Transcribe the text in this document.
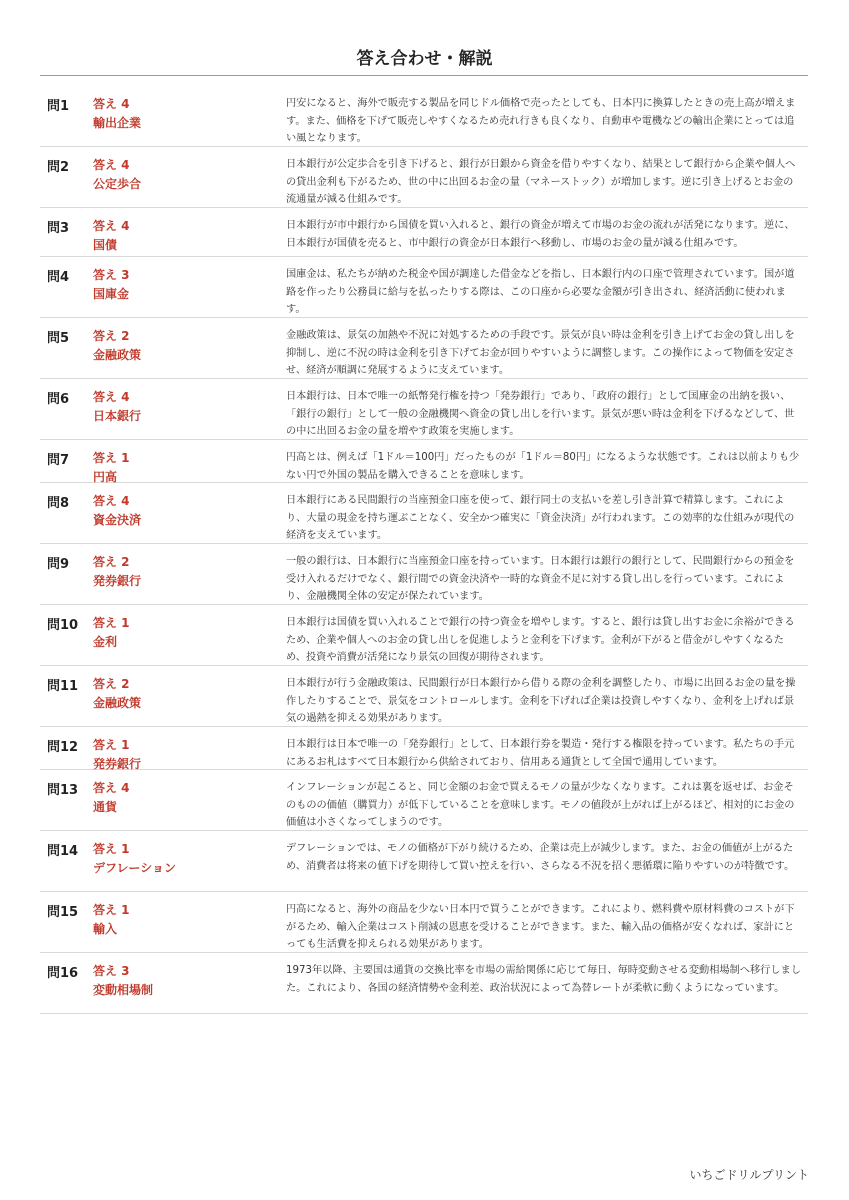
答え合わせ・解説
問1	答え 4
輸出企業
円安になると、海外で販売する製品を同じドル価格で売ったとしても、日本円に換算したときの売上高が増えます。また、価格を下げて販売しやすくなるため売れ行きも良くなり、自動車や電機などの輸出企業にとっては追い風となります。
問2	答え 4
公定歩合
日本銀行が公定歩合を引き下げると、銀行が日銀から資金を借りやすくなり、結果として銀行から企業や個人への貸出金利も下がるため、世の中に出回るお金の量（マネーストック）が増加します。逆に引き上げるとお金の流通量が減る仕組みです。
問3	答え 4
国債
日本銀行が市中銀行から国債を買い入れると、銀行の資金が増えて市場のお金の流れが活発になります。逆に、日本銀行が国債を売ると、市中銀行の資金が日本銀行へ移動し、市場のお金の量が減る仕組みです。
問4	答え 3
国庫金
国庫金は、私たちが納めた税金や国が調達した借金などを指し、日本銀行内の口座で管理されています。国が道路を作ったり公務員に給与を払ったりする際は、この口座から必要な金額が引き出され、経済活動に使われます。
問5	答え 2
金融政策
金融政策は、景気の加熱や不況に対処するための手段です。景気が良い時は金利を引き上げてお金の貸し出しを抑制し、逆に不況の時は金利を引き下げてお金が回りやすいように調整します。この操作によって物価を安定させ、経済が順調に発展するように支えています。
問6	答え 4
日本銀行
日本銀行は、日本で唯一の紙幣発行権を持つ「発券銀行」であり、「政府の銀行」として国庫金の出納を扱い、「銀行の銀行」として一般の金融機関へ資金の貸し出しを行います。景気が悪い時は金利を下げるなどして、世の中に出回るお金の量を増やす政策を実施します。
問7	答え 1
円高
円高とは、例えば「1ドル＝100円」だったものが「1ドル＝80円」になるような状態です。これは以前よりも少ない円で外国の製品を購入できることを意味します。
問8	答え 4
資金決済
日本銀行にある民間銀行の当座預金口座を使って、銀行同士の支払いを差し引き計算で精算します。これにより、大量の現金を持ち運ぶことなく、安全かつ確実に「資金決済」が行われます。この効率的な仕組みが現代の経済を支えています。
問9	答え 2
発券銀行
一般の銀行は、日本銀行に当座預金口座を持っています。日本銀行は銀行の銀行として、民間銀行からの預金を受け入れるだけでなく、銀行間での資金決済や一時的な資金不足に対する貸し出しを行っています。これにより、金融機関全体の安定が保たれています。
問10	答え 1
金利
日本銀行は国債を買い入れることで銀行の持つ資金を増やします。すると、銀行は貸し出すお金に余裕ができるため、企業や個人へのお金の貸し出しを促進しようと金利を下げます。金利が下がると借金がしやすくなるため、投資や消費が活発になり景気の回復が期待されます。
問11	答え 2
金融政策
日本銀行が行う金融政策は、民間銀行が日本銀行から借りる際の金利を調整したり、市場に出回るお金の量を操作したりすることで、景気をコントロールします。金利を下げれば企業は投資しやすくなり、金利を上げれば景気の過熱を抑える効果があります。
問12	答え 1
発券銀行
日本銀行は日本で唯一の「発券銀行」として、日本銀行券を製造・発行する権限を持っています。私たちの手元にあるお札はすべて日本銀行から供給されており、信用ある通貨として全国で通用しています。
問13	答え 4
通貨
インフレーションが起こると、同じ金額のお金で買えるモノの量が少なくなります。これは裏を返せば、お金そのものの価値（購買力）が低下していることを意味します。モノの値段が上がれば上がるほど、相対的にお金の価値は小さくなってしまうのです。
問14	答え 1
デフレーション
デフレーションでは、モノの価格が下がり続けるため、企業は売上が減少します。また、お金の価値が上がるため、消費者は将来の値下げを期待して買い控えを行い、さらなる不況を招く悪循環に陥りやすいのが特徴です。
問15	答え 1
輸入
円高になると、海外の商品を少ない日本円で買うことができます。これにより、燃料費や原材料費のコストが下がるため、輸入企業はコスト削減の恩恵を受けることができます。また、輸入品の価格が安くなれば、家計にとっても生活費を抑えられる効果があります。
問16	答え 3
変動相場制
1973年以降、主要国は通貨の交換比率を市場の需給関係に応じて毎日、毎時変動させる変動相場制へ移行しました。これにより、各国の経済情勢や金利差、政治状況によって為替レートが柔軟に動くようになっています。
いちごドリルプリント
